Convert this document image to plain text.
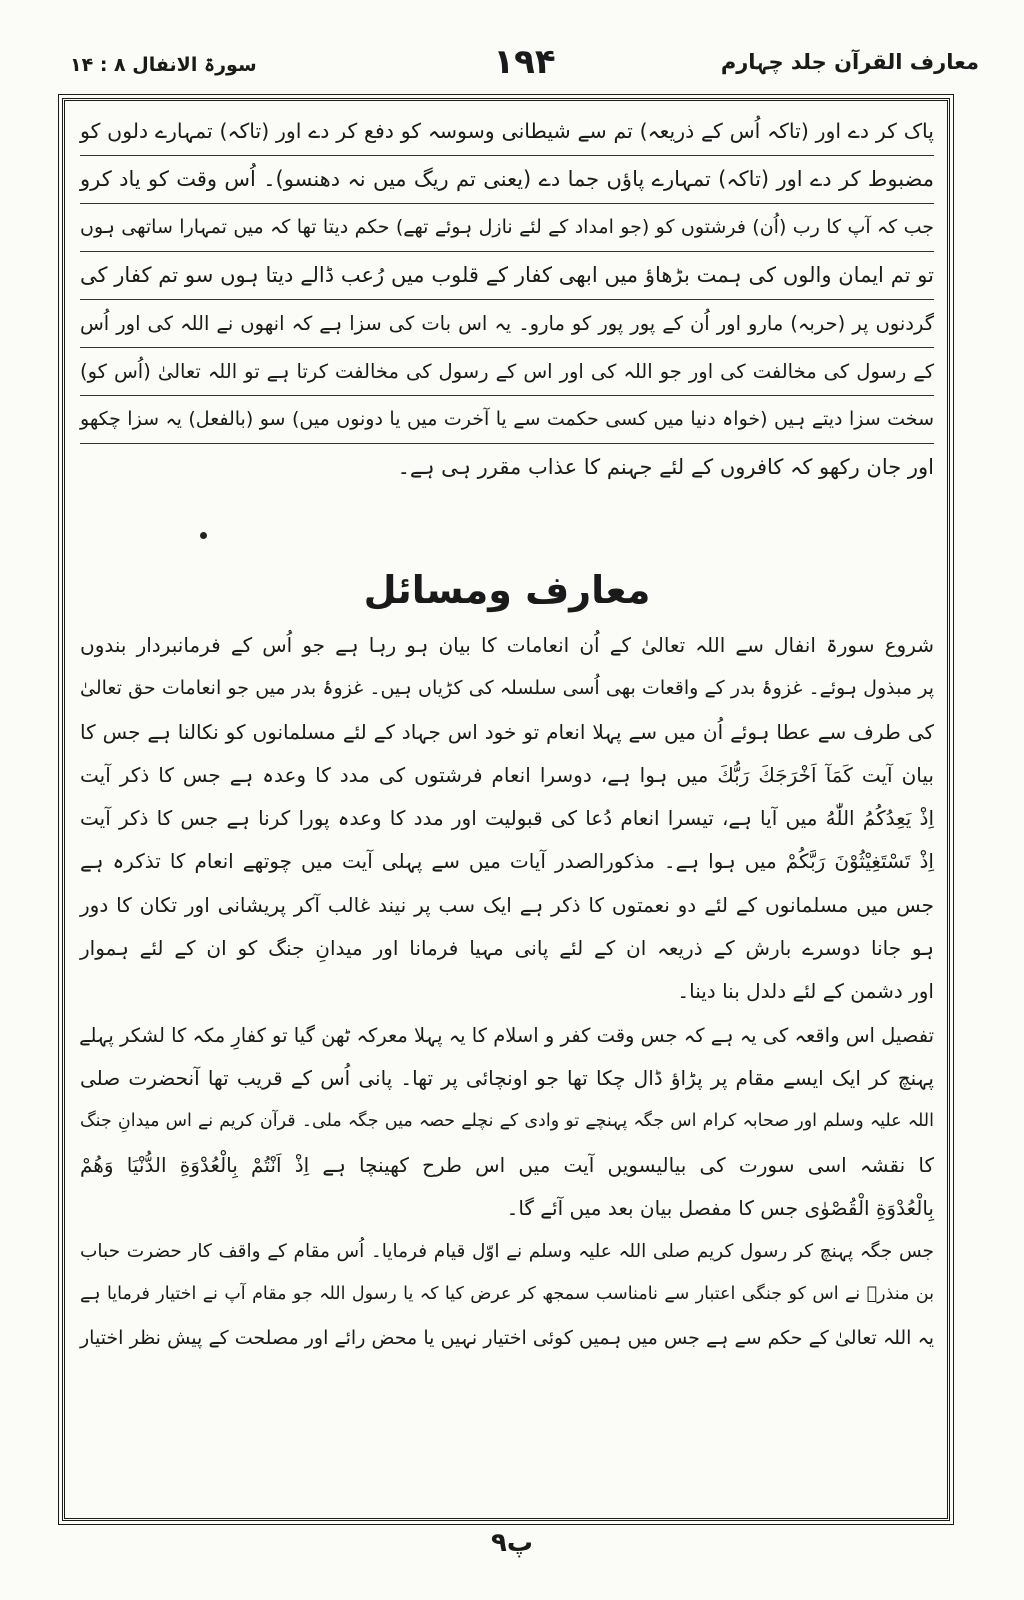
معارف القرآن جلد چہارم
۱۹۴
سورۃ الانفال ۸ : ۱۴
پاک کر دے اور (تاکہ اُس کے ذریعہ) تم سے شیطانی وسوسہ کو دفع کر دے اور (تاکہ) تمہارے دلوں کو
مضبوط کر دے اور (تاکہ) تمہارے پاؤں جما دے (یعنی تم ریگ میں نہ دھنسو)۔ اُس وقت کو یاد کرو
جب کہ آپ کا رب (اُن) فرشتوں کو (جو امداد کے لئے نازل ہوئے تھے) حکم دیتا تھا کہ میں تمہارا ساتھی ہوں
تو تم ایمان والوں کی ہمت بڑھاؤ میں ابھی کفار کے قلوب میں رُعب ڈالے دیتا ہوں سو تم کفار کی
گردنوں پر (حربہ) مارو اور اُن کے پور پور کو مارو۔ یہ اس بات کی سزا ہے کہ انھوں نے اللہ کی اور اُس
کے رسول کی مخالفت کی اور جو اللہ کی اور اس کے رسول کی مخالفت کرتا ہے تو اللہ تعالیٰ (اُس کو)
سخت سزا دیتے ہیں (خواہ دنیا میں کسی حکمت سے یا آخرت میں یا دونوں میں) سو (بالفعل) یہ سزا چکھو
اور جان رکھو کہ کافروں کے لئے جہنم کا عذاب مقرر ہی ہے۔
معارف ومسائل
شروع سورۃ انفال سے اللہ تعالیٰ کے اُن انعامات کا بیان ہو رہا ہے جو اُس کے فرمانبردار بندوں
پر مبذول ہوئے۔ غزوۂ بدر کے واقعات بھی اُسی سلسلہ کی کڑیاں ہیں۔ غزوۂ بدر میں جو انعامات حق تعالیٰ
کی طرف سے عطا ہوئے اُن میں سے پہلا انعام تو خود اس جہاد کے لئے مسلمانوں کو نکالنا ہے جس کا
بیان آیت كَمَآ اَخْرَجَكَ رَبُّكَ میں ہوا ہے، دوسرا انعام فرشتوں کی مدد کا وعدہ ہے جس کا ذکر آیت
اِذْ يَعِدُكُمُ اللّٰهُ میں آیا ہے، تیسرا انعام دُعا کی قبولیت اور مدد کا وعدہ پورا کرنا ہے جس کا ذکر آیت
اِذْ تَسْتَغِيْثُوْنَ رَبَّكُمْ میں ہوا ہے۔ مذکورالصدر آیات میں سے پہلی آیت میں چوتھے انعام کا تذکرہ ہے
جس میں مسلمانوں کے لئے دو نعمتوں کا ذکر ہے ایک سب پر نیند غالب آکر پریشانی اور تکان کا دور
ہو جانا دوسرے بارش کے ذریعہ ان کے لئے پانی مہیا فرمانا اور میدانِ جنگ کو ان کے لئے ہموار
اور دشمن کے لئے دلدل بنا دینا۔
تفصیل اس واقعہ کی یہ ہے کہ جس وقت کفر و اسلام کا یہ پہلا معرکہ ٹھن گیا تو کفارِ مکہ کا لشکر پہلے
پہنچ کر ایک ایسے مقام پر پڑاؤ ڈال چکا تھا جو اونچائی پر تھا۔ پانی اُس کے قریب تھا آنحضرت صلی
اللہ علیہ وسلم اور صحابہ کرام اس جگہ پہنچے تو وادی کے نچلے حصہ میں جگہ ملی۔ قرآن کریم نے اس میدانِ جنگ
کا نقشہ اسی سورت کی بیالیسویں آیت میں اس طرح کھینچا ہے اِذْ اَنْتُمْ بِالْعُدْوَةِ الدُّنْيَا وَهُمْ
بِالْعُدْوَةِ الْقُصْوٰى جس کا مفصل بیان بعد میں آئے گا۔
جس جگہ پہنچ کر رسول کریم صلی اللہ علیہ وسلم نے اوّل قیام فرمایا۔ اُس مقام کے واقف کار حضرت حباب
بن منذرؓ نے اس کو جنگی اعتبار سے نامناسب سمجھ کر عرض کیا کہ یا رسول اللہ جو مقام آپ نے اختیار فرمایا ہے
یہ اللہ تعالیٰ کے حکم سے ہے جس میں ہمیں کوئی اختیار نہیں یا محض رائے اور مصلحت کے پیش نظر اختیار
۹پ
